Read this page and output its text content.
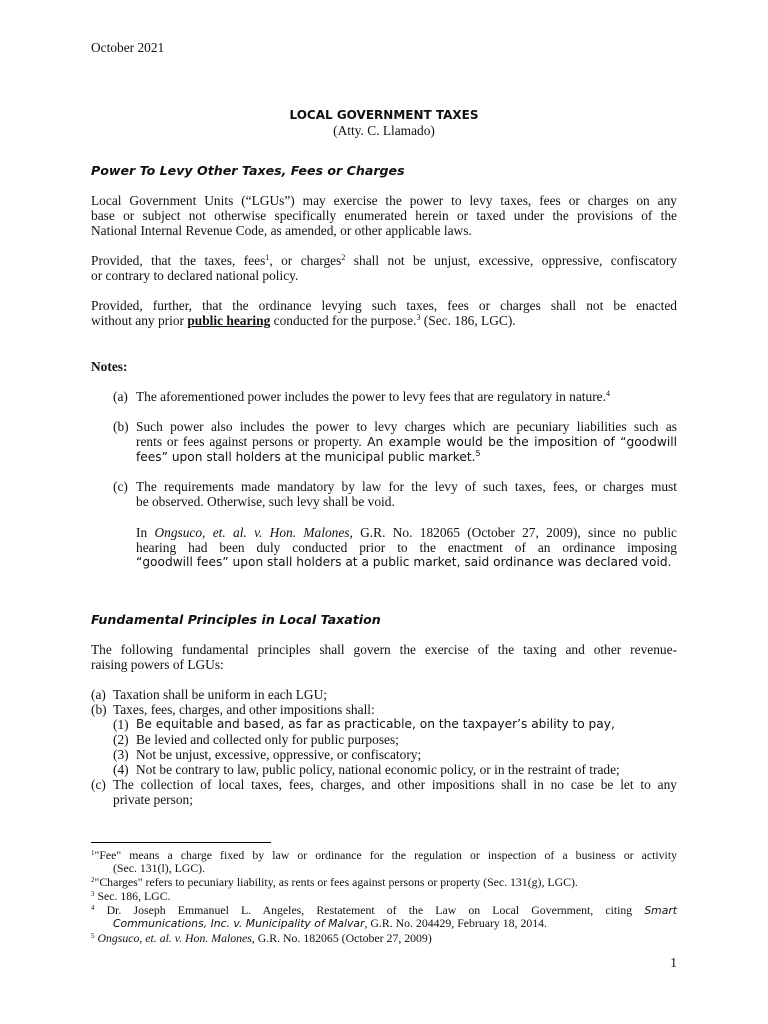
October 2021
LOCAL GOVERNMENT TAXES
(Atty. C. Llamado)
Power To Levy Other Taxes, Fees or Charges
Local Government Units (“LGUs”) may exercise the power to levy taxes, fees or charges on any
base or subject not otherwise specifically enumerated herein or taxed under the provisions of the
National Internal Revenue Code, as amended, or other applicable laws.
Provided, that the taxes, fees$^1$, or charges$^2$ shall not be unjust, excessive, oppressive, confiscatory
or contrary to declared national policy.
Provided, further, that the ordinance levying such taxes, fees or charges shall not be enacted
without any prior public hearing conducted for the purpose.$^3$ (Sec. 186, LGC).
Notes:
(a) The aforementioned power includes the power to levy fees that are regulatory in nature.$^4$
(b) Such power also includes the power to levy charges which are pecuniary liabilities such as
rents or fees against persons or property. An example would be the imposition of “goodwill
fees” upon stall holders at the municipal public market.$^5$
(c) The requirements made mandatory by law for the levy of such taxes, fees, or charges must
be observed. Otherwise, such levy shall be void.
In Ongsuco, et. al. v. Hon. Malones, G.R. No. 182065 (October 27, 2009), since no public
hearing had been duly conducted prior to the enactment of an ordinance imposing
“goodwill fees” upon stall holders at a public market, said ordinance was declared void.
Fundamental Principles in Local Taxation
The following fundamental principles shall govern the exercise of the taxing and other revenue-
raising powers of LGUs:
(a) Taxation shall be uniform in each LGU;
(b) Taxes, fees, charges, and other impositions shall:
(1) Be equitable and based, as far as practicable, on the taxpayer’s ability to pay,
(2) Be levied and collected only for public purposes;
(3) Not be unjust, excessive, oppressive, or confiscatory;
(4) Not be contrary to law, public policy, national economic policy, or in the restraint of trade;
(c) The collection of local taxes, fees, charges, and other impositions shall in no case be let to any
private person;
$^1$"Fee" means a charge fixed by law or ordinance for the regulation or inspection of a business or activity
(Sec. 131(l), LGC).
$^2$"Charges" refers to pecuniary liability, as rents or fees against persons or property (Sec. 131(g), LGC).
$^3$ Sec. 186, LGC.
$^4$ Dr. Joseph Emmanuel L. Angeles, Restatement of the Law on Local Government, citing Smart
Communications, Inc. v. Municipality of Malvar, G.R. No. 204429, February 18, 2014.
$^5$ Ongsuco, et. al. v. Hon. Malones, G.R. No. 182065 (October 27, 2009)
1
